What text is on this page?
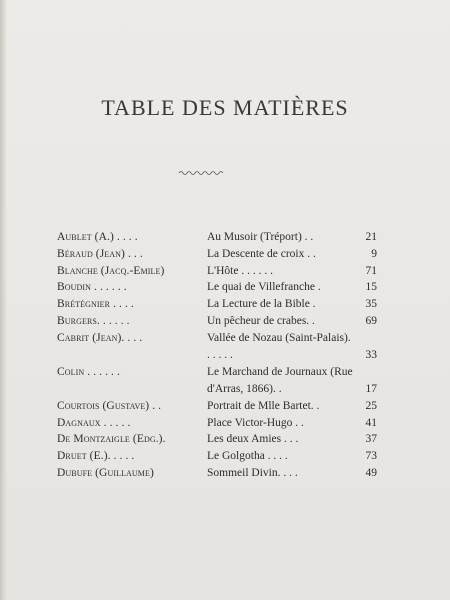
TABLE DES MATIÈRES
Aublet (A.) . . . .	Au Musoir (Tréport) . .	21
Béraud (Jean) . . .	La Descente de croix . .	9
Blanche (Jacq.-Emile)	L'Hôte . . . . . .	71
Boudin . . . . . .	Le quai de Villefranche .	15
Brétégnier . . . .	La Lecture de la Bible .	35
Burgers. . . . . .	Un pêcheur de crabes. .	69
Cabrit (Jean). . . .	Vallée de Nozau (Saint-Palais). . . . . .	33
Colin . . . . . .	Le Marchand de Journaux (Rue d'Arras, 1866). .	17
Courtois (Gustave) . .	Portrait de Mlle Bartet. .	25
Dagnaux . . . . .	Place Victor-Hugo . .	41
De Montzaigle (Edg.).	Les deux Amies . . .	37
Druet (E.). . . . .	Le Golgotha . . . .	73
Dubufe (Guillaume)	Sommeil Divin. . . .	49
